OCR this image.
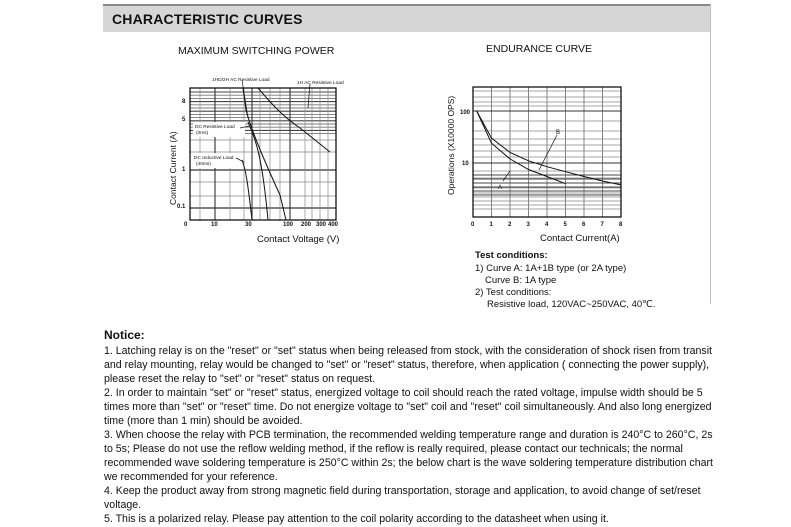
CHARACTERISTIC CURVES
MAXIMUM SWITCHING POWER
Contact Current (A)
0
8
5
1
0.1
10	30	100 200 300 400
1HD/2H AC Resistive Load
1H AC Resistive Load
DC Resistive Load
(0ms)
DC Inductive Load
(40ms)
Contact Voltage (V)
ENDURANCE CURVE
Operations (X10000 OPS) 100
10
0	1	2	3	4	5	6	7	8
A
B
Contact Current(A)
Test conditions:
1) Curve A: 1A+1B type (or 2A type)
Curve B: 1A type
2) Test conditions:
Resistive load, 120VAC~250VAC, 40℃.
Notice:

1. Latching relay is on the "reset" or "set" status when being released from stock, with the consideration of shock risen from transit and relay mounting, relay would be changed to "set" or "reset" status, therefore, when application ( connecting the power supply), please reset the relay to "set" or "reset" status on request.

2. In order to maintain "set" or "reset" status, energized voltage to coil should reach the rated voltage, impulse width should be 5 times more than "set" or "reset" time. Do not energize voltage to "set" coil and "reset" coil simultaneously. And also long energized time (more than 1 min) should be avoided.

3. When choose the relay with PCB termination, the recommended welding temperature range and duration is 240°C to 260°C, 2s to 5s; Please do not use the reflow welding method, if the reflow is really required, please contact our technicals; the normal recommended wave soldering temperature is 250°C within 2s; the below chart is the wave soldering temperature distribution chart we recommended for your reference.

4. Keep the product away from strong magnetic field during transportation, storage and application, to avoid change of set/reset voltage.

5. This is a polarized relay. Please pay attention to the coil polarity according to the datasheet when using it.
